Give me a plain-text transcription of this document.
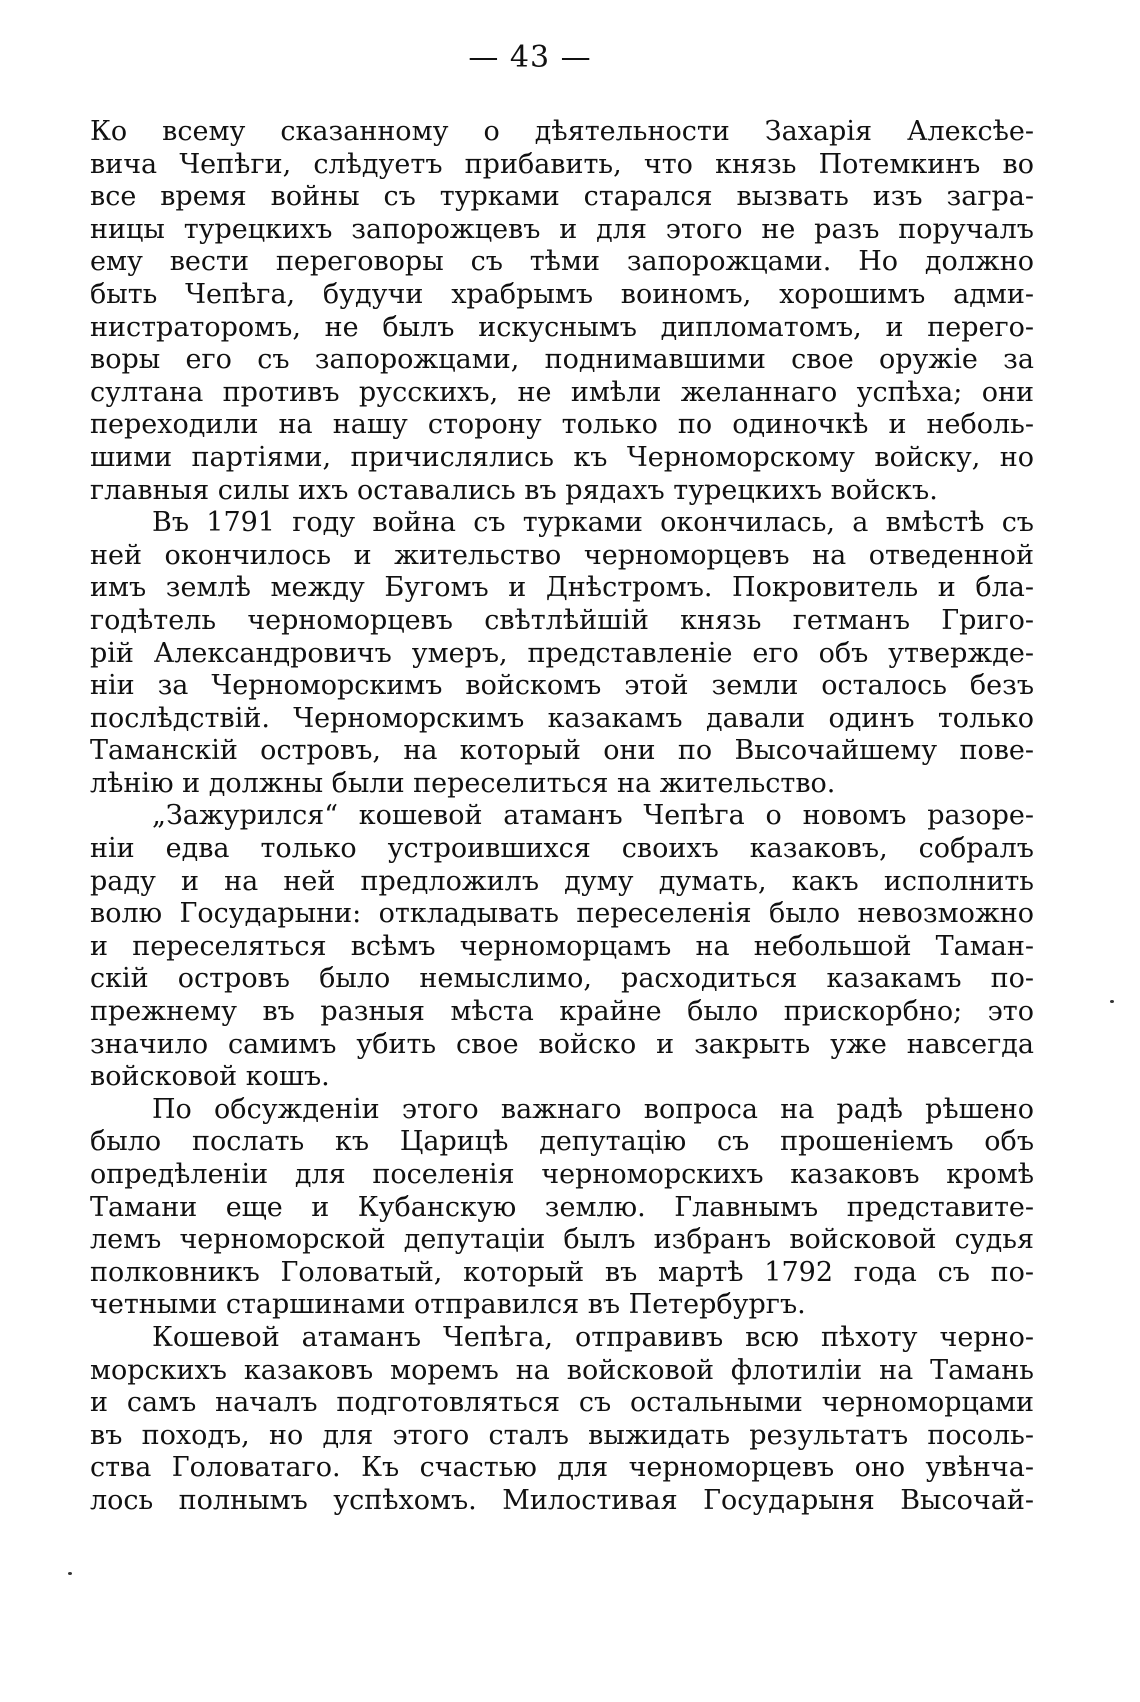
— 43 —
Ко всему сказанному о дѣятельности Захарія Алексѣе-
вича Чепѣги, слѣдуетъ прибавить, что князь Потемкинъ во
все время войны съ турками старался вызвать изъ загра-
ницы турецкихъ запорожцевъ и для этого не разъ поручалъ
ему вести переговоры съ тѣми запорожцами. Но должно
быть Чепѣга, будучи храбрымъ воиномъ, хорошимъ адми-
нистраторомъ, не былъ искуснымъ дипломатомъ, и перего-
воры его съ запорожцами, поднимавшими свое оружіе за
султана противъ русскихъ, не имѣли желаннаго успѣха; они
переходили на нашу сторону только по одиночкѣ и неболь-
шими партіями, причислялись къ Черноморскому войску, но
главныя силы ихъ оставались въ рядахъ турецкихъ войскъ.
Въ 1791 году война съ турками окончилась, а вмѣстѣ съ
ней окончилось и жительство черноморцевъ на отведенной
имъ землѣ между Бугомъ и Днѣстромъ. Покровитель и бла-
годѣтель черноморцевъ свѣтлѣйшій князь гетманъ Григо-
рій Александровичъ умеръ, представленіе его объ утвержде-
ніи за Черноморскимъ войскомъ этой земли осталось безъ
послѣдствій. Черноморскимъ казакамъ давали одинъ только
Таманскій островъ, на который они по Высочайшему пове-
лѣнію и должны были переселиться на жительство.
„Зажурился“ кошевой атаманъ Чепѣга о новомъ разоре-
ніи едва только устроившихся своихъ казаковъ, собралъ
раду и на ней предложилъ думу думать, какъ исполнить
волю Государыни: откладывать переселенія было невозможно
и переселяться всѣмъ черноморцамъ на небольшой Таман-
скій островъ было немыслимо, расходиться казакамъ по-
прежнему въ разныя мѣста крайне было прискорбно; это
значило самимъ убить свое войско и закрыть уже навсегда
войсковой кошъ.
По обсужденіи этого важнаго вопроса на радѣ рѣшено
было послать къ Царицѣ депутацію съ прошеніемъ объ
опредѣленіи для поселенія черноморскихъ казаковъ кромѣ
Тамани еще и Кубанскую землю. Главнымъ представите-
лемъ черноморской депутаціи былъ избранъ войсковой судья
полковникъ Головатый, который въ мартѣ 1792 года съ по-
четными старшинами отправился въ Петербургъ.
Кошевой атаманъ Чепѣга, отправивъ всю пѣхоту черно-
морскихъ казаковъ моремъ на войсковой флотиліи на Тамань
и самъ началъ подготовляться съ остальными черноморцами
въ походъ, но для этого сталъ выжидать результатъ посоль-
ства Головатаго. Къ счастью для черноморцевъ оно увѣнча-
лось полнымъ успѣхомъ. Милостивая Государыня Высочай-
